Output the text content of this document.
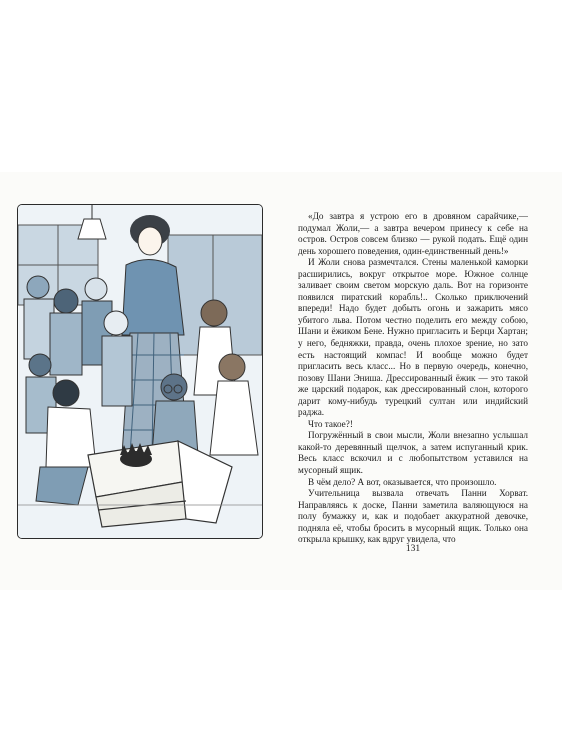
«До завтра я устрою его в дровяном сарайчике,— подумал Жоли,— а завтра вечером принесу к себе на остров. Остров совсем близко — рукой подать. Ещё один день хорошего поведения, один-единственный день!»

И Жоли снова размечтался. Стены маленькой каморки расширились, вокруг открытое море. Южное солнце заливает своим светом морскую даль. Вот на горизонте появился пиратский корабль!.. Сколько приключений впереди! Надо будет добыть огонь и зажарить мясо убитого льва. Потом честно поделить его между собою, Шани и ёжиком Бене. Нужно пригласить и Берци Хартан; у него, бедняжки, правда, очень плохое зрение, но зато есть настоящий компас! И вообще можно будет пригласить весь класс... Но в первую очередь, конечно, позову Шани Эниша. Дрессированный ёжик — это такой же царский подарок, как дрессированный слон, которого дарит кому-нибудь турецкий султан или индийский раджа.

Что такое?!

Погружённый в свои мысли, Жоли внезапно услышал какой-то деревянный щелчок, а затем испуганный крик. Весь класс вскочил и с любопытством уставился на мусорный ящик.

В чём дело? А вот, оказывается, что произошло.

Учительница вызвала отвечать Панни Хорват. Направляясь к доске, Панни заметила валяющуюся на полу бумажку и, как и подобает аккуратной девочке, подняла её, чтобы бросить в мусорный ящик. Только она открыла крышку, как вдруг увидела, что

131
